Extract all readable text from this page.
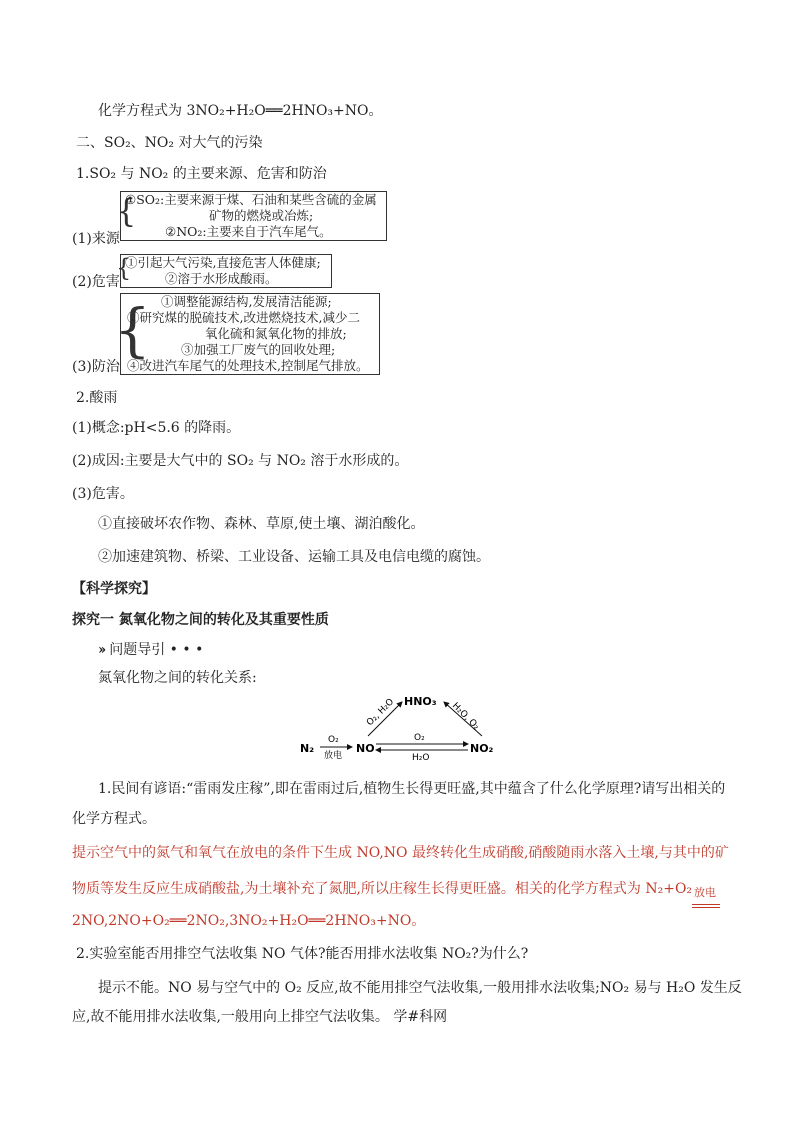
化学方程式为 3NO₂+H₂O══2HNO₃+NO。
二、SO₂、NO₂ 对大气的污染
1.SO₂ 与 NO₂ 的主要来源、危害和防治
{
①SO₂:主要来源于煤、石油和某些含硫的金属
矿物的燃烧或冶炼;
②NO₂:主要来自于汽车尾气。
(1)来源
{
①引起大气污染,直接危害人体健康;
②溶于水形成酸雨。
(2)危害
{ ①调整能源结构,发展清洁能源;
②研究煤的脱硫技术,改进燃烧技术,减少二
氧化硫和氮氧化物的排放;
③加强工厂废气的回收处理;
④改进汽车尾气的处理技术,控制尾气排放。
(3)防治
2.酸雨
(1)概念:pH<5.6 的降雨。
(2)成因:主要是大气中的 SO₂ 与 NO₂ 溶于水形成的。
(3)危害。
①直接破坏农作物、森林、草原,使土壤、湖泊酸化。
②加速建筑物、桥梁、工业设备、运输工具及电信电缆的腐蚀。
【科学探究】
探究一 氮氧化物之间的转化及其重要性质
›› 问题导引 • • •
氮氧化物之间的转化关系:
N₂
O₂
放电
NO
O₂
H₂O
NO₂
HNO₃
O₂, H₂O	H₂O, O₂
1.民间有谚语:“雷雨发庄稼”,即在雷雨过后,植物生长得更旺盛,其中蕴含了什么化学原理?请写出相关的
化学方程式。
提示空气中的氮气和氧气在放电的条件下生成 NO,NO 最终转化生成硝酸,硝酸随雨水落入土壤,与其中的矿
物质等发生反应生成硝酸盐,为土壤补充了氮肥,所以庄稼生长得更旺盛。相关的化学方程式为 N₂+O₂ 放电
2NO,2NO+O₂══2NO₂,3NO₂+H₂O══2HNO₃+NO。
2.实验室能否用排空气法收集 NO 气体?能否用排水法收集 NO₂?为什么?
提示不能。NO 易与空气中的 O₂ 反应,故不能用排空气法收集,一般用排水法收集;NO₂ 易与 H₂O 发生反
应,故不能用排水法收集,一般用向上排空气法收集。 学#科网
